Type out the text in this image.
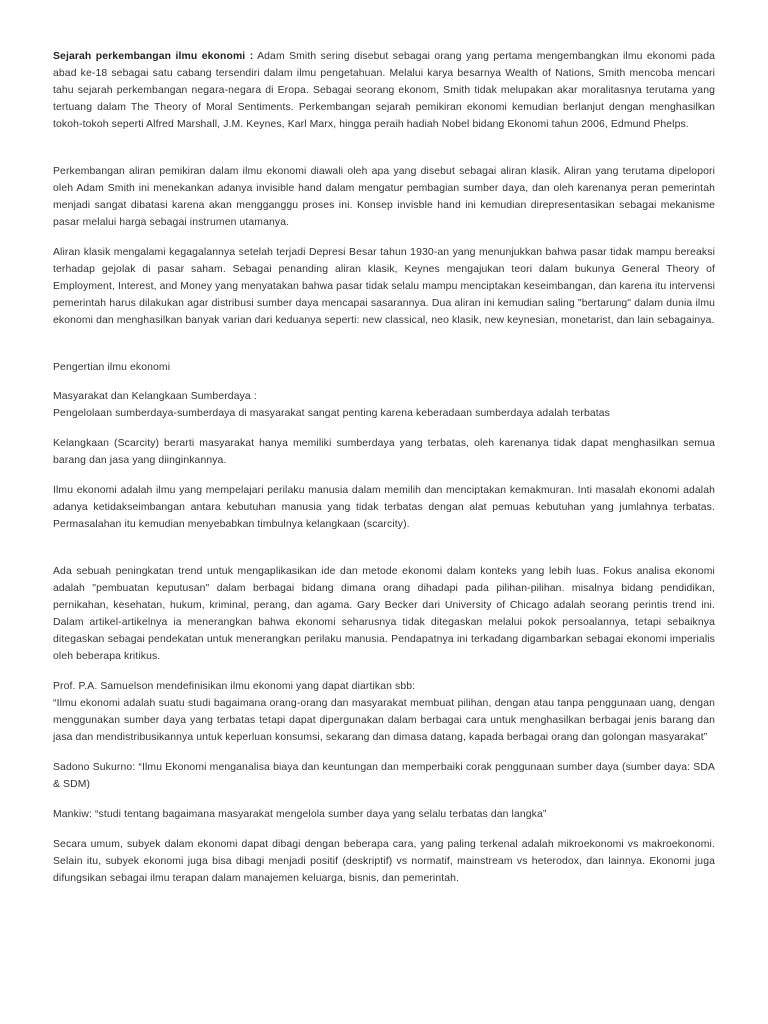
Sejarah perkembangan ilmu ekonomi : Adam Smith sering disebut sebagai orang yang pertama mengembangkan ilmu ekonomi pada abad ke-18 sebagai satu cabang tersendiri dalam ilmu pengetahuan. Melalui karya besarnya Wealth of Nations, Smith mencoba mencari tahu sejarah perkembangan negara-negara di Eropa. Sebagai seorang ekonom, Smith tidak melupakan akar moralitasnya terutama yang tertuang dalam The Theory of Moral Sentiments. Perkembangan sejarah pemikiran ekonomi kemudian berlanjut dengan menghasilkan tokoh-tokoh seperti Alfred Marshall, J.M. Keynes, Karl Marx, hingga peraih hadiah Nobel bidang Ekonomi tahun 2006, Edmund Phelps.

Perkembangan aliran pemikiran dalam ilmu ekonomi diawali oleh apa yang disebut sebagai aliran klasik. Aliran yang terutama dipelopori oleh Adam Smith ini menekankan adanya invisible hand dalam mengatur pembagian sumber daya, dan oleh karenanya peran pemerintah menjadi sangat dibatasi karena akan mengganggu proses ini. Konsep invisble hand ini kemudian direpresentasikan sebagai mekanisme pasar melalui harga sebagai instrumen utamanya.

Aliran klasik mengalami kegagalannya setelah terjadi Depresi Besar tahun 1930-an yang menunjukkan bahwa pasar tidak mampu bereaksi terhadap gejolak di pasar saham. Sebagai penanding aliran klasik, Keynes mengajukan teori dalam bukunya General Theory of Employment, Interest, and Money yang menyatakan bahwa pasar tidak selalu mampu menciptakan keseimbangan, dan karena itu intervensi pemerintah harus dilakukan agar distribusi sumber daya mencapai sasarannya. Dua aliran ini kemudian saling "bertarung" dalam dunia ilmu ekonomi dan menghasilkan banyak varian dari keduanya seperti: new classical, neo klasik, new keynesian, monetarist, dan lain sebagainya.

Pengertian ilmu ekonomi

Masyarakat dan Kelangkaan Sumberdaya :

Pengelolaan sumberdaya-sumberdaya di masyarakat sangat penting karena keberadaan sumberdaya adalah terbatas

Kelangkaan (Scarcity) berarti masyarakat hanya memiliki sumberdaya yang terbatas, oleh karenanya tidak dapat menghasilkan semua barang dan jasa yang diinginkannya.

Ilmu ekonomi adalah ilmu yang mempelajari perilaku manusia dalam memilih dan menciptakan kemakmuran. Inti masalah ekonomi adalah adanya ketidakseimbangan antara kebutuhan manusia yang tidak terbatas dengan alat pemuas kebutuhan yang jumlahnya terbatas. Permasalahan itu kemudian menyebabkan timbulnya kelangkaan (scarcity).

Ada sebuah peningkatan trend untuk mengaplikasikan ide dan metode ekonomi dalam konteks yang lebih luas. Fokus analisa ekonomi adalah "pembuatan keputusan" dalam berbagai bidang dimana orang dihadapi pada pilihan-pilihan. misalnya bidang pendidikan, pernikahan, kesehatan, hukum, kriminal, perang, dan agama. Gary Becker dari University of Chicago adalah seorang perintis trend ini. Dalam artikel-artikelnya ia menerangkan bahwa ekonomi seharusnya tidak ditegaskan melalui pokok persoalannya, tetapi sebaiknya ditegaskan sebagai pendekatan untuk menerangkan perilaku manusia. Pendapatnya ini terkadang digambarkan sebagai ekonomi imperialis oleh beberapa kritikus.

Prof. P.A. Samuelson mendefinisikan ilmu ekonomi yang dapat diartikan sbb:

“Ilmu ekonomi adalah suatu studi bagaimana orang-orang dan masyarakat membuat pilihan, dengan atau tanpa penggunaan uang, dengan menggunakan sumber daya yang terbatas tetapi dapat dipergunakan dalam berbagai cara untuk menghasilkan berbagai jenis barang dan jasa dan mendistribusikannya untuk keperluan konsumsi, sekarang dan dimasa datang, kapada berbagai orang dan golongan masyarakat”

Sadono Sukurno: “Ilmu Ekonomi menganalisa biaya dan keuntungan dan memperbaiki corak penggunaan sumber daya (sumber daya: SDA & SDM)

Mankiw: “studi tentang bagaimana masyarakat mengelola sumber daya yang selalu terbatas dan langka”

Secara umum, subyek dalam ekonomi dapat dibagi dengan beberapa cara, yang paling terkenal adalah mikroekonomi vs makroekonomi. Selain itu, subyek ekonomi juga bisa dibagi menjadi positif (deskriptif) vs normatif, mainstream vs heterodox, dan lainnya. Ekonomi juga difungsikan sebagai ilmu terapan dalam manajemen keluarga, bisnis, dan pemerintah.
